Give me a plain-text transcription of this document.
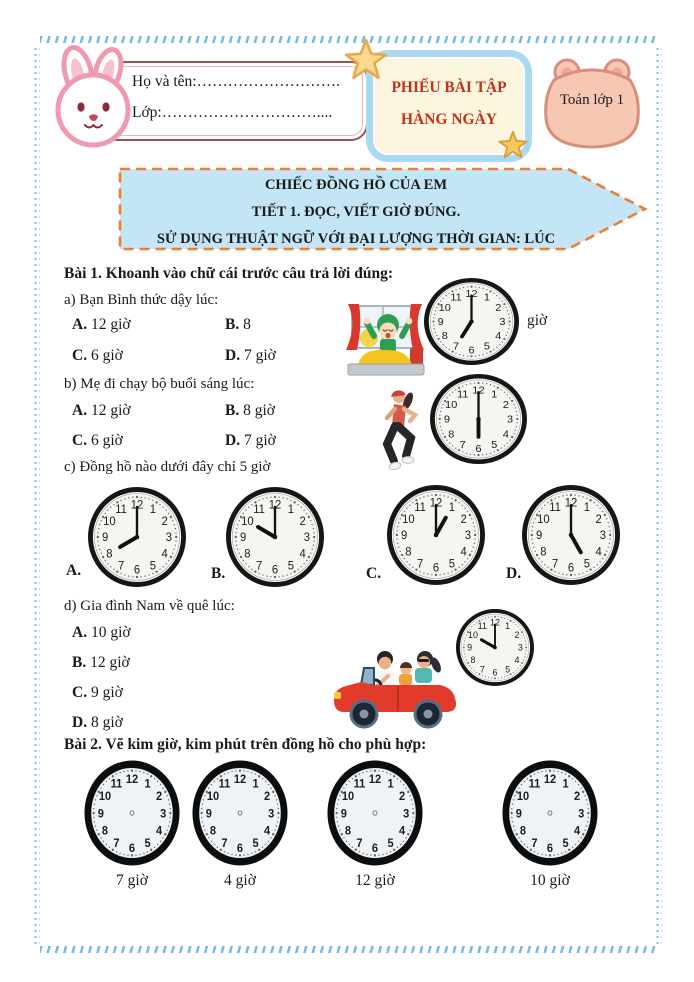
Họ và tên:……………………….
Lớp:…………………………....
PHIẾU BÀI TẬP
HÀNG NGÀY
Toán lớp 1
CHIẾC ĐỒNG HỒ CỦA EM
TIẾT 1. ĐỌC, VIẾT GIỜ ĐÚNG.
SỬ DỤNG THUẬT NGỮ VỚI ĐẠI LƯỢNG THỜI GIAN: LÚC
Bài 1. Khoanh vào chữ cái trước câu trả lời đúng:
a) Bạn Bình thức dậy lúc:
A. 12 giờ	B. 8
C. 6 giờ	D. 7 giờ
1
2
3
4
5
6
7
8
9
10
11 12
giờ
b) Mẹ đi chạy bộ buổi sáng lúc:
A. 12 giờ	B. 8 giờ
C. 6 giờ	D. 7 giờ
1
2
3
4
5
6
7
8
9
10
11 12
c) Đồng hồ nào dưới đây chỉ 5 giờ
1
2
3
4
5
6
7
8
9
10
11 12	1
2
3
4
5
6
7
8
9
10
11 12	1
2
3
4
5
6
7
8
9
10
11 12	1
2
3
4
5
6
7
8
9
10
11 12
A.	B.	C.	D.
d) Gia đình Nam về quê lúc:
A. 10 giờ
B. 12 giờ
C. 9 giờ
D. 8 giờ
1
2
3
4
5
6
7
8
9
10
11 12
Bài 2. Vẽ kim giờ, kim phút trên đồng hồ cho phù hợp:
1
2
3
4
5
6
7
8
9
10
11 12	1
2
3
4
5
6
7
8
9
10
11 12	1
2
3
4
5
6
7
8
9
10
11 12	1
2
3
4
5
6
7
8
9
10
11 12
7 giờ	4 giờ	12 giờ	10 giờ
